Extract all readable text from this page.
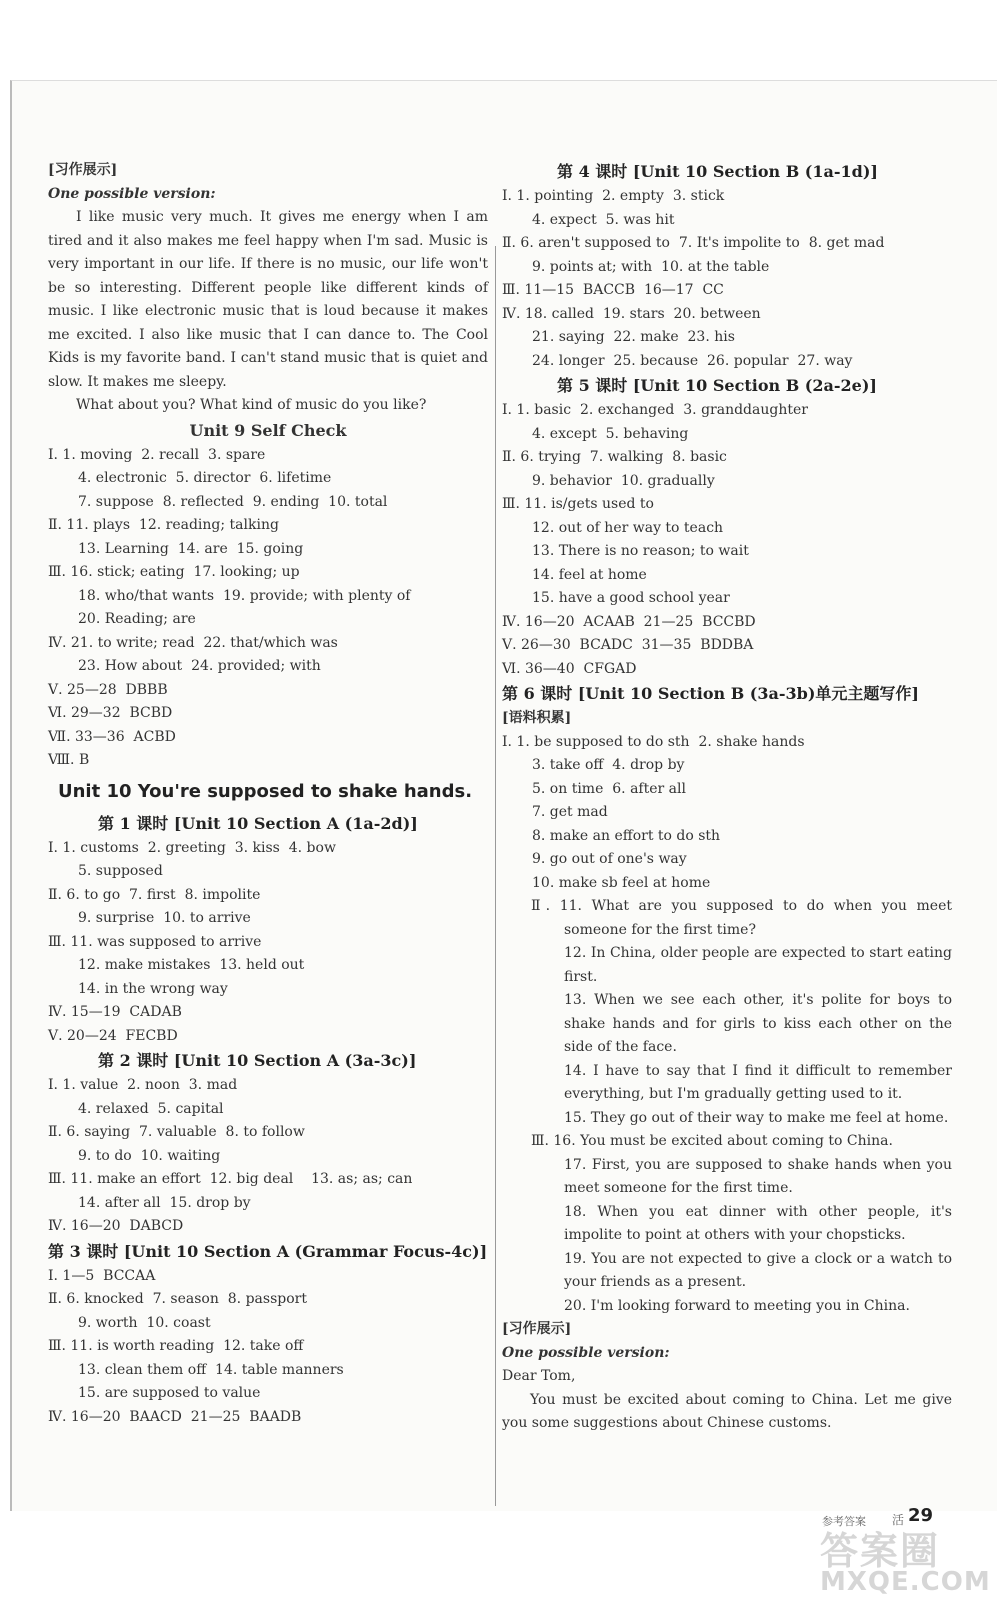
[习作展示]
One possible version:
I like music very much. It gives me energy when I am tired and it also makes me feel happy when I'm sad. Music is very important in our life. If there is no music, our life won't be so interesting. Different people like different kinds of music. I like electronic music that is loud because it makes me excited. I also like music that I can dance to. The Cool Kids is my favorite band. I can't stand music that is quiet and slow. It makes me sleepy.
What about you? What kind of music do you like?
Unit 9 Self Check
Ⅰ. 1. moving  2. recall  3. spare
4. electronic  5. director  6. lifetime
7. suppose  8. reflected  9. ending  10. total
Ⅱ. 11. plays  12. reading; talking
13. Learning  14. are  15. going
Ⅲ. 16. stick; eating  17. looking; up
18. who/that wants  19. provide; with plenty of
20. Reading; are
Ⅳ. 21. to write; read  22. that/which was
23. How about  24. provided; with
Ⅴ. 25—28  DBBB
Ⅵ. 29—32  BCBD
Ⅶ. 33—36  ACBD
Ⅷ. B
Unit 10 You're supposed to shake hands.
第 1 课时 [Unit 10 Section A (1a-2d)]
Ⅰ. 1. customs  2. greeting  3. kiss  4. bow
5. supposed
Ⅱ. 6. to go  7. first  8. impolite
9. surprise  10. to arrive
Ⅲ. 11. was supposed to arrive
12. make mistakes  13. held out
14. in the wrong way
Ⅳ. 15—19  CADAB
Ⅴ. 20—24  FECBD
第 2 课时 [Unit 10 Section A (3a-3c)]
Ⅰ. 1. value  2. noon  3. mad
4. relaxed  5. capital
Ⅱ. 6. saying  7. valuable  8. to follow
9. to do  10. waiting
Ⅲ. 11. make an effort  12. big deal    13. as; as; can
14. after all  15. drop by
Ⅳ. 16—20  DABCD
第 3 课时 [Unit 10 Section A (Grammar Focus-4c)]
Ⅰ. 1—5  BCCAA
Ⅱ. 6. knocked  7. season  8. passport
9. worth  10. coast
Ⅲ. 11. is worth reading  12. take off
13. clean them off  14. table manners
15. are supposed to value
Ⅳ. 16—20  BAACD  21—25  BAADB
第 4 课时 [Unit 10 Section B (1a-1d)]
Ⅰ. 1. pointing  2. empty  3. stick
4. expect  5. was hit
Ⅱ. 6. aren't supposed to  7. It's impolite to  8. get mad
9. points at; with  10. at the table
Ⅲ. 11—15  BACCB  16—17  CC
Ⅳ. 18. called  19. stars  20. between
21. saying  22. make  23. his
24. longer  25. because  26. popular  27. way
第 5 课时 [Unit 10 Section B (2a-2e)]
Ⅰ. 1. basic  2. exchanged  3. granddaughter
4. except  5. behaving
Ⅱ. 6. trying  7. walking  8. basic
9. behavior  10. gradually
Ⅲ. 11. is/gets used to
12. out of her way to teach
13. There is no reason; to wait
14. feel at home
15. have a good school year
Ⅳ. 16—20  ACAAB  21—25  BCCBD
Ⅴ. 26—30  BCADC  31—35  BDDBA
Ⅵ. 36—40  CFGAD
第 6 课时 [Unit 10 Section B (3a-3b)单元主题写作]
[语料积累]
Ⅰ. 1. be supposed to do sth  2. shake hands
3. take off  4. drop by
5. on time  6. after all
7. get mad
8. make an effort to do sth
9. go out of one's way
10. make sb feel at home
Ⅱ. 11. What are you supposed to do when you meet someone for the first time?
12. In China, older people are expected to start eating first.
13. When we see each other, it's polite for boys to shake hands and for girls to kiss each other on the side of the face.
14. I have to say that I find it difficult to remember everything, but I'm gradually getting used to it.
15. They go out of their way to make me feel at home.
Ⅲ. 16. You must be excited about coming to China.
17. First, you are supposed to shake hands when you meet someone for the first time.
18. When you eat dinner with other people, it's impolite to point at others with your chopsticks.
19. You are not expected to give a clock or a watch to your friends as a present.
20. I'm looking forward to meeting you in China.
[习作展示]
One possible version:
Dear Tom,
You must be excited about coming to China. Let me give you some suggestions about Chinese customs.
参考答案 活 29
答案圈
MXQE.COM
